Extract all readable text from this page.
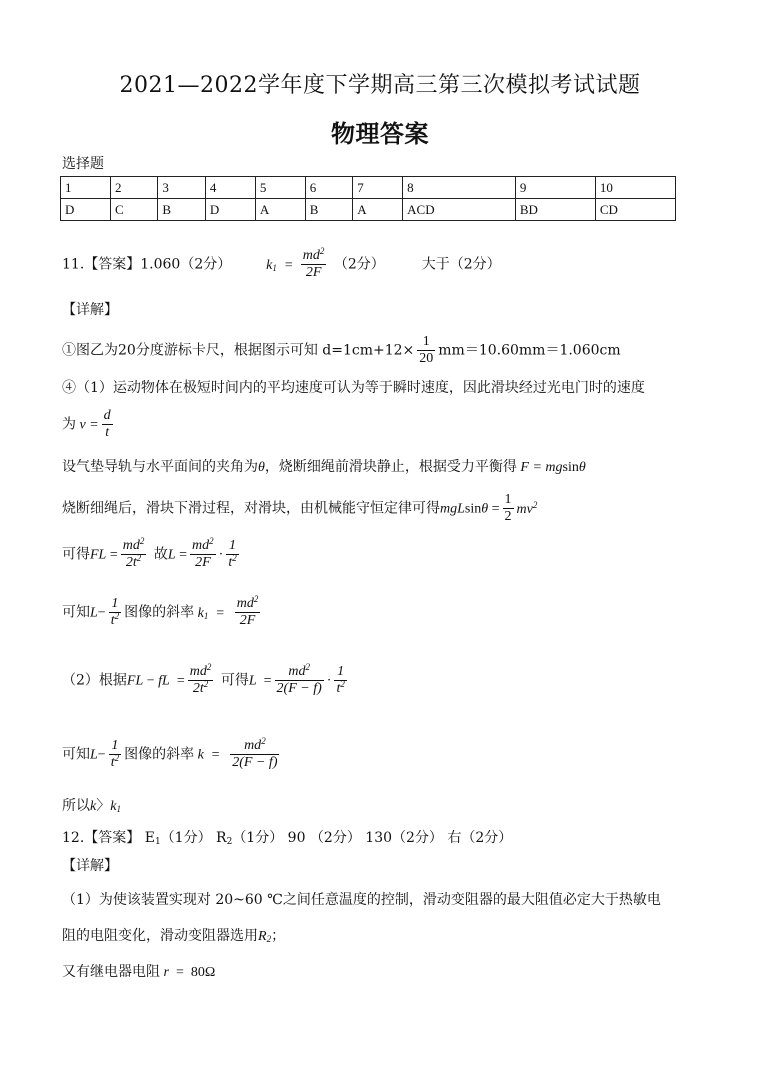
2021—2022学年度下学期高三第三次模拟考试试题
物理答案
选择题
1	2	3	4	5	6	7	8	9	10
D	C	B	D	A	B	A	ACD	BD	CD
11.【答案】1.060（2分） $k_1 = \frac{md^2}{2F} (2$分）	大于（2分）
【详解】
①图乙为20分度游标卡尺，根据图示可知 $d=1cm+12\times \frac{1}{20} mm=10.60mm=1.060cm$
④（1）运动物体在极短时间内的平均速度可认为等于瞬时速度，因此滑块经过光电门时的速度
为 $v = \frac{d}{t}$
设气垫导轨与水平面间的夹角为θ，烧断细绳前滑块静止，根据受力平衡得 F = mgsinθ
烧断细绳后，滑块下滑过程，对滑块，由机械能守恒定律可得$mgLsin\theta = \frac{1}{2} mv^2$
可得FL = $\frac{md^2}{2t^2}$ 故$L = \frac{md^2}{2F} \cdot \frac{1}{t^2}$
可知$L- \frac{1}{t^2}$ 图像的斜率 $k_1 = \frac{md^2}{2F}$
（2）根据FL − fL  = $\frac{md^2}{2t^2}$ 可得$L = \frac{md^2}{2(F - f)} \cdot \frac{1}{t^2}$
可知$L- \frac{1}{t^2}$ 图像的斜率 $k = \frac{md^2}{2(F - f)}$
所以k〉$k_1$
12.【答案】 $E_1(1$分） $R_2(1$分） 90 （2分） 130（2分） 右（2分）
【详解】
（1）为使该装置实现对 20~60 ℃之间任意温度的控制，滑动变阻器的最大阻值必定大于热敏电
阻的电阻变化，滑动变阻器选用$R_2$；
又有继电器电阻 r  =  80Ω
